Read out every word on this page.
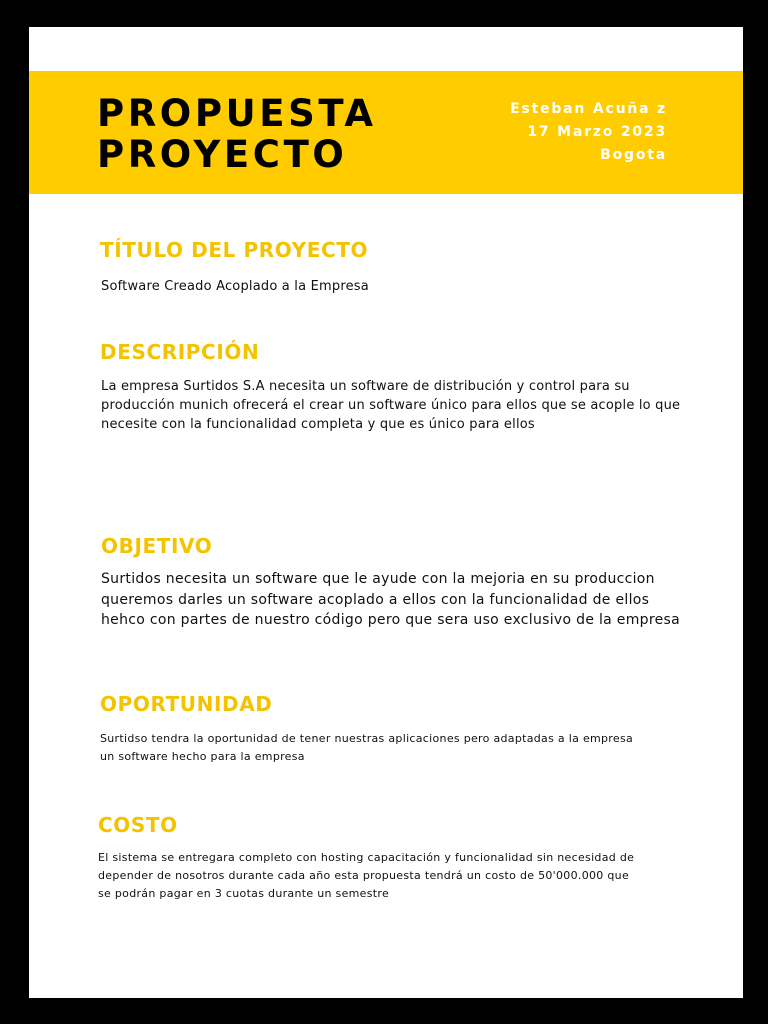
PROPUESTA
PROYECTO
Esteban Acuña z
17 Marzo 2023
Bogota
TÍTULO DEL PROYECTO
Software Creado Acoplado a la Empresa
DESCRIPCIÓN
La empresa Surtidos S.A necesita un software de distribución y control para su
producción munich ofrecerá el crear un software único para ellos que se acople lo que
necesite con la funcionalidad completa y que es único para ellos
OBJETIVO
Surtidos necesita un software que le ayude con la mejoria en su produccion
queremos darles un software acoplado a ellos con la funcionalidad de ellos
hehco con partes de nuestro código pero que sera uso exclusivo de la empresa
OPORTUNIDAD
Surtidso tendra la oportunidad de tener nuestras aplicaciones pero adaptadas a la empresa
un software hecho para la empresa
COSTO
El sistema se entregara completo con hosting capacitación y funcionalidad sin necesidad de
depender de nosotros durante cada año esta propuesta tendrá un costo de 50'000.000 que
se podrán pagar en 3 cuotas durante un semestre
